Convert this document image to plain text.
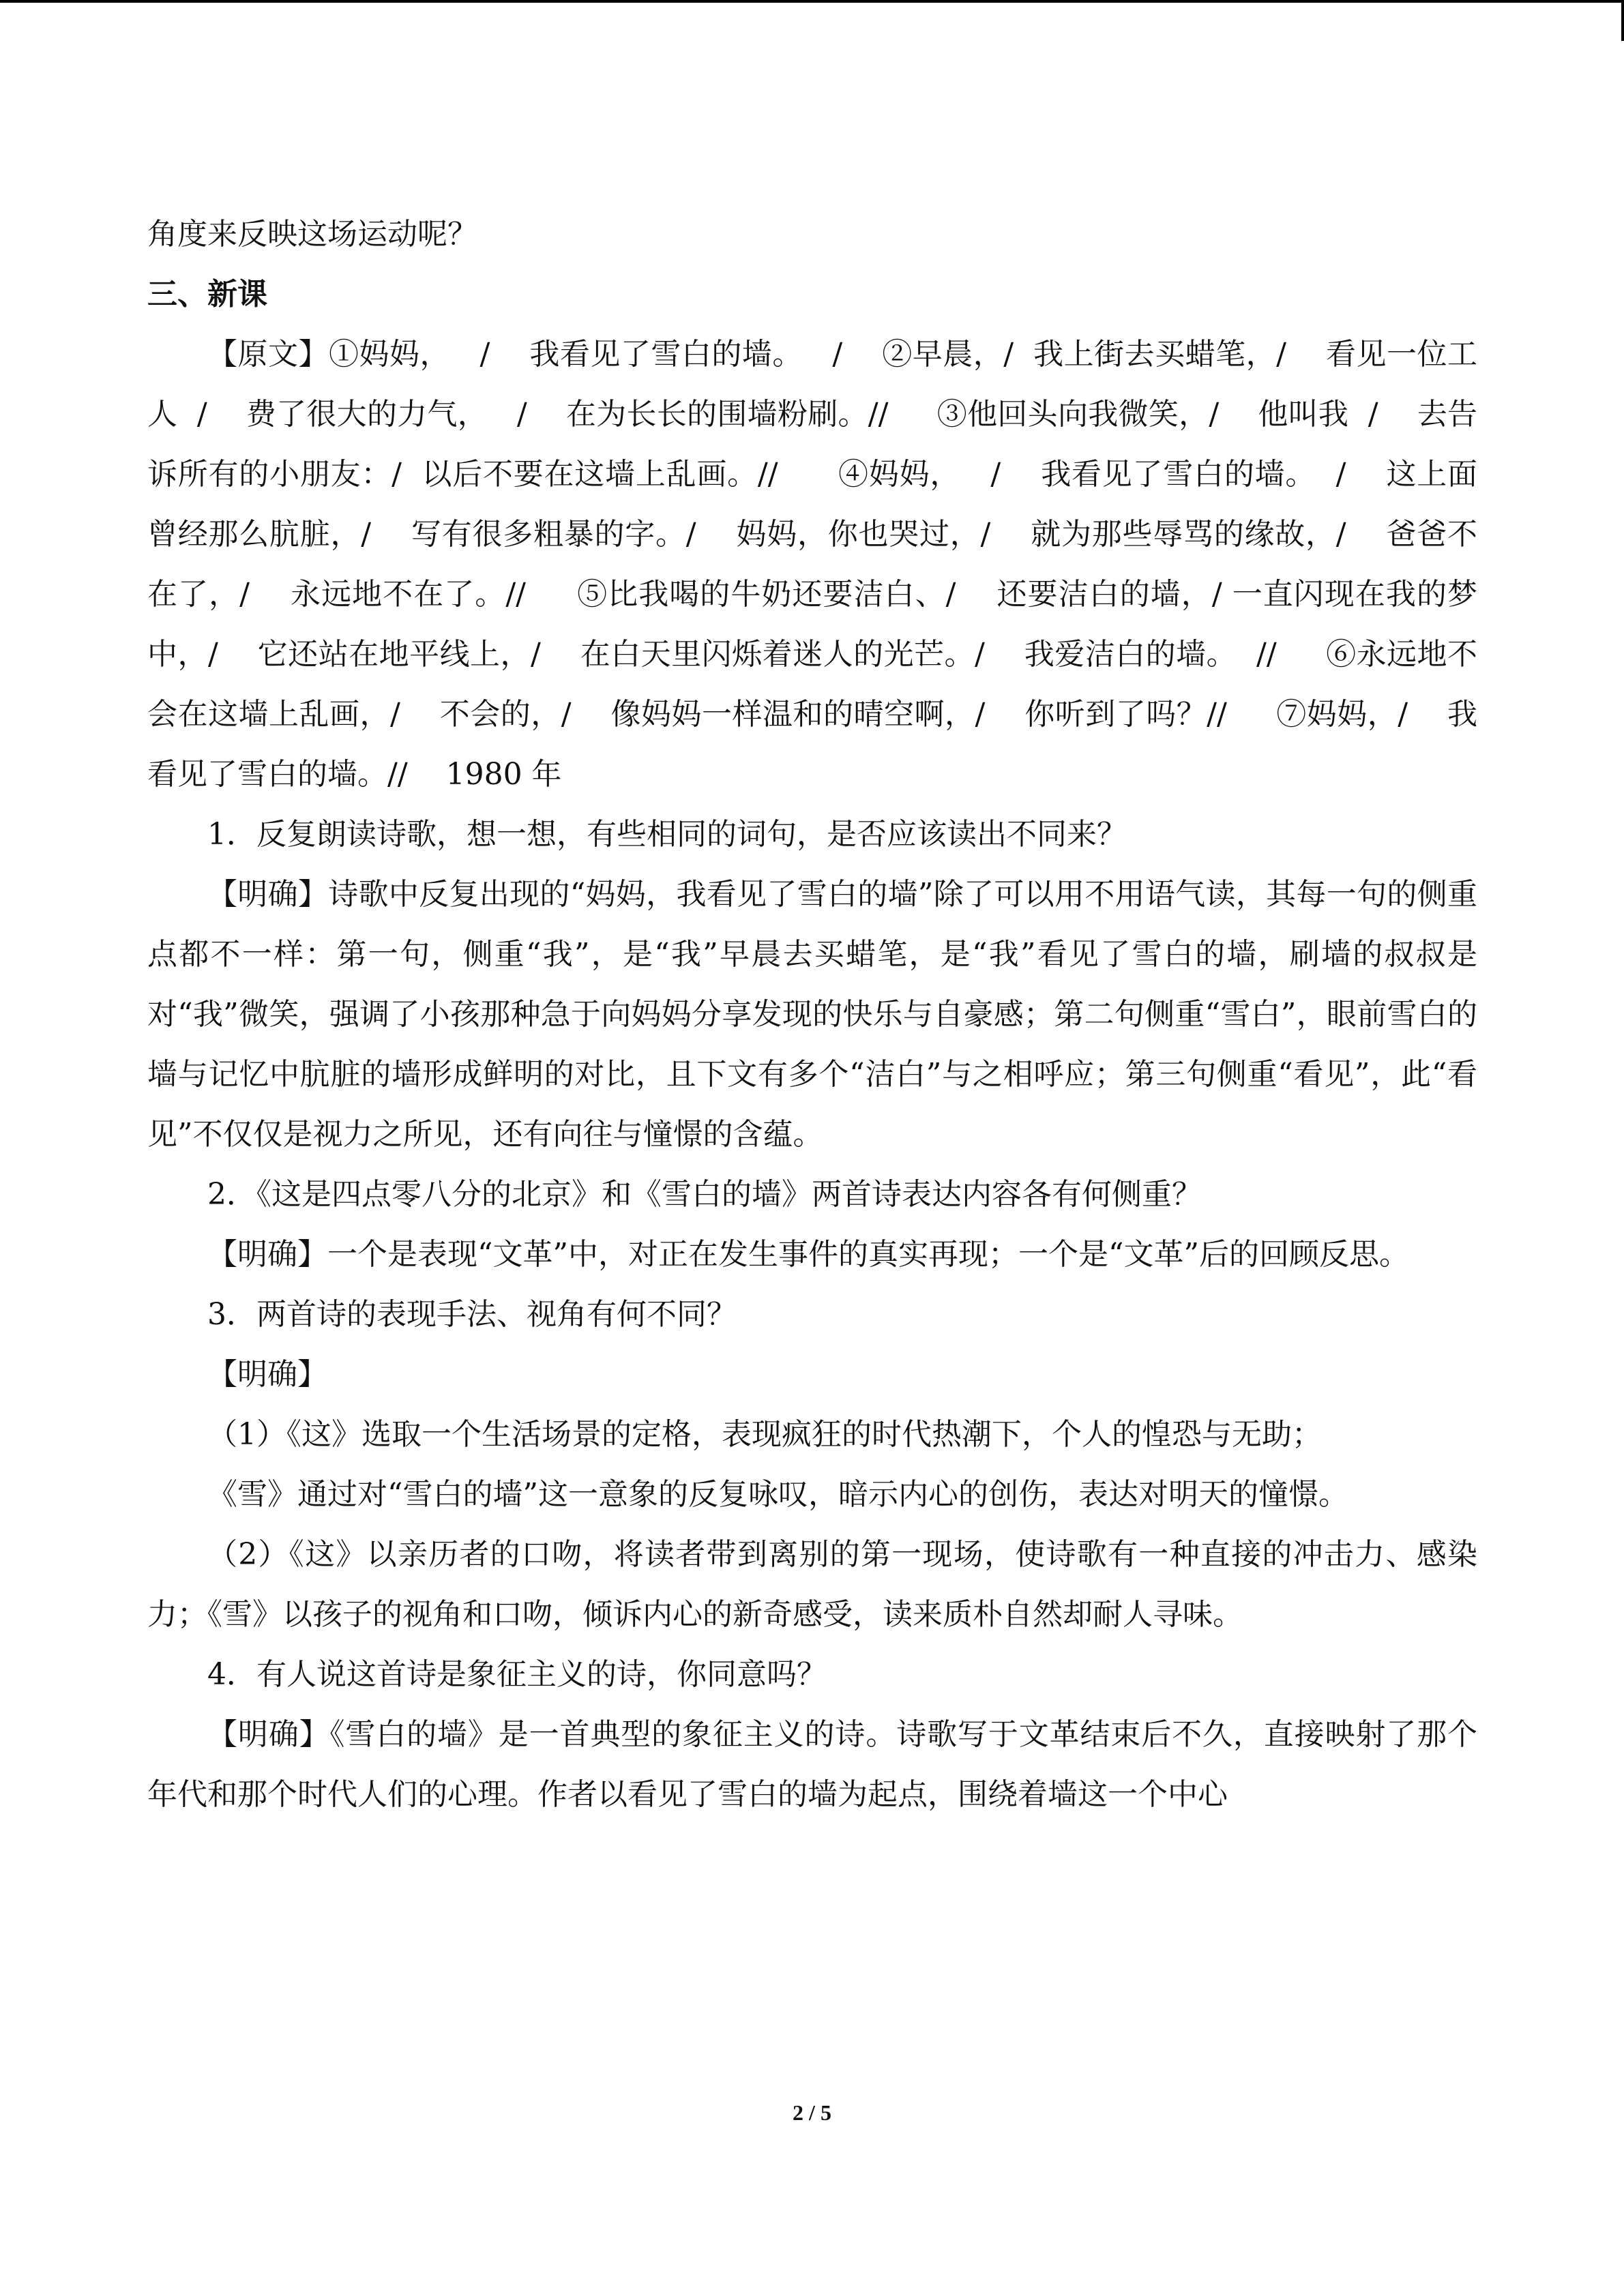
角度来反映这场运动呢？

三、新课

【原文】①妈妈，   /    我看见了雪白的墙。   /    ②早晨，/  我上街去买蜡笔，/    看见一位工人  /    费了很大的力气，   /    在为长长的围墙粉刷。//     ③他回头向我微笑，/    他叫我  /    去告诉所有的小朋友：/  以后不要在这墙上乱画。//      ④妈妈，   /    我看见了雪白的墙。  /    这上面曾经那么肮脏，/    写有很多粗暴的字。/    妈妈，你也哭过，/    就为那些辱骂的缘故，/    爸爸不在了，/    永远地不在了。//     ⑤比我喝的牛奶还要洁白、/    还要洁白的墙，/ 一直闪现在我的梦中，/    它还站在地平线上，/    在白天里闪烁着迷人的光芒。/    我爱洁白的墙。  //     ⑥永远地不会在这墙上乱画，/    不会的，/    像妈妈一样温和的晴空啊，/    你听到了吗？//     ⑦妈妈，/    我看见了雪白的墙。//    1980 年

1．反复朗读诗歌，想一想，有些相同的词句，是否应该读出不同来？

【明确】诗歌中反复出现的“妈妈，我看见了雪白的墙”除了可以用不用语气读，其每一句的侧重点都不一样：第一句，侧重“我”，是“我”早晨去买蜡笔，是“我”看见了雪白的墙，刷墙的叔叔是对“我”微笑，强调了小孩那种急于向妈妈分享发现的快乐与自豪感；第二句侧重“雪白”，眼前雪白的墙与记忆中肮脏的墙形成鲜明的对比，且下文有多个“洁白”与之相呼应；第三句侧重“看见”，此“看见”不仅仅是视力之所见，还有向往与憧憬的含蕴。

2．《这是四点零八分的北京》和《雪白的墙》两首诗表达内容各有何侧重？

【明确】一个是表现“文革”中，对正在发生事件的真实再现；一个是“文革”后的回顾反思。

3．两首诗的表现手法、视角有何不同？

【明确】

（1）《这》选取一个生活场景的定格，表现疯狂的时代热潮下，个人的惶恐与无助；

《雪》通过对“雪白的墙”这一意象的反复咏叹，暗示内心的创伤，表达对明天的憧憬。

（2）《这》以亲历者的口吻，将读者带到离别的第一现场，使诗歌有一种直接的冲击力、感染力；《雪》以孩子的视角和口吻，倾诉内心的新奇感受，读来质朴自然却耐人寻味。

4．有人说这首诗是象征主义的诗，你同意吗？

【明确】《雪白的墙》是一首典型的象征主义的诗。诗歌写于文革结束后不久，直接映射了那个年代和那个时代人们的心理。作者以看见了雪白的墙为起点，围绕着墙这一个中心

2 / 5
